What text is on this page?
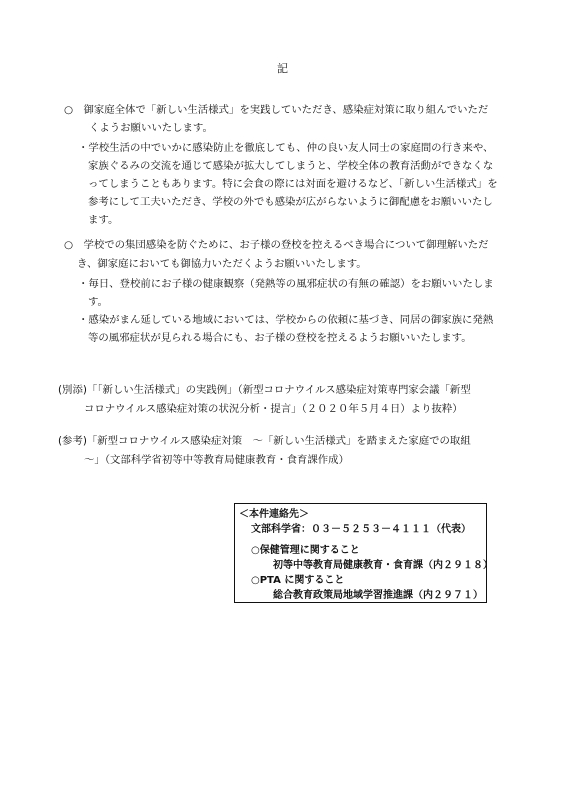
記
○　御家庭全体で「新しい生活様式」を実践していただき、感染症対策に取り組んでいただ
くようお願いいたします。
・学校生活の中でいかに感染防止を徹底しても、仲の良い友人同士の家庭間の行き来や、
家族ぐるみの交流を通じて感染が拡大してしまうと、学校全体の教育活動ができなくな
ってしまうこともあります。特に会食の際には対面を避けるなど、「新しい生活様式」を
参考にして工夫いただき、学校の外でも感染が広がらないように御配慮をお願いいたし
ます。
○　学校での集団感染を防ぐために、お子様の登校を控えるべき場合について御理解いただ
き、御家庭においても御協力いただくようお願いいたします。
・毎日、登校前にお子様の健康観察（発熱等の風邪症状の有無の確認）をお願いいたしま
す。
・感染がまん延している地域においては、学校からの依頼に基づき、同居の御家族に発熱
等の風邪症状が見られる場合にも、お子様の登校を控えるようお願いいたします。
(別添)「「新しい生活様式」の実践例」（新型コロナウイルス感染症対策専門家会議「新型
コロナウイルス感染症対策の状況分析・提言」（２０２０年５月４日）より抜粋）
(参考)「新型コロナウイルス感染症対策　～「新しい生活様式」を踏まえた家庭での取組
～」（文部科学省初等中等教育局健康教育・食育課作成）
＜本件連絡先＞
文部科学省：０３－５２５３－４１１１（代表）
○保健管理に関すること
初等中等教育局健康教育・食育課（内２９１８）
○PTA に関すること
総合教育政策局地域学習推進課（内２９７１）
